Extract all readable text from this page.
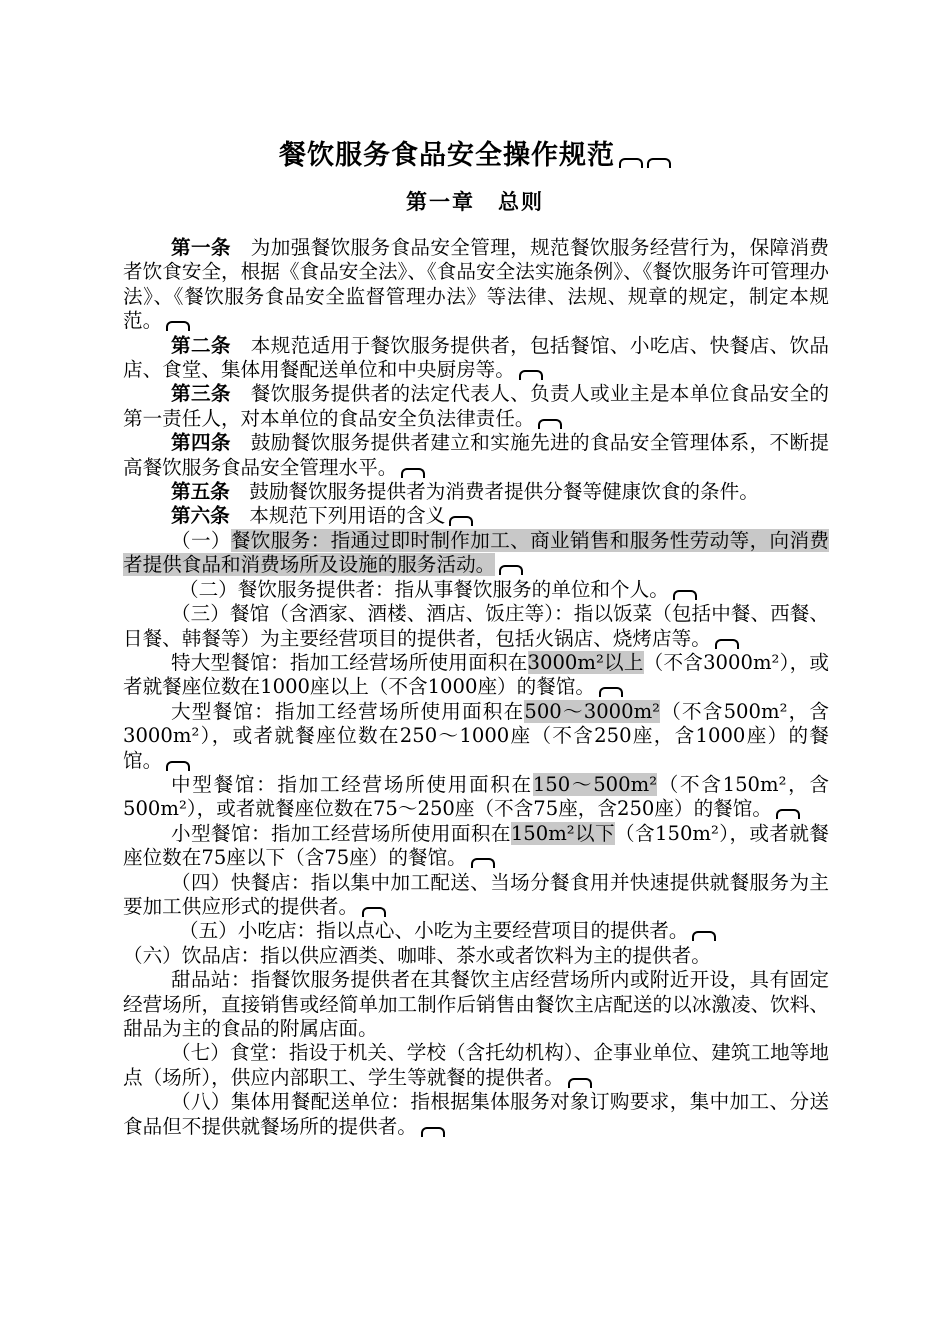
餐饮服务食品安全操作规范
第一章　总则

第一条　为加强餐饮服务食品安全管理，规范餐饮服务经营行为，保障消费者饮食安全，根据《食品安全法》、《食品安全法实施条例》、《餐饮服务许可管理办法》、《餐饮服务食品安全监督管理办法》等法律、法规、规章的规定，制定本规范。

第二条　本规范适用于餐饮服务提供者，包括餐馆、小吃店、快餐店、饮品店、食堂、集体用餐配送单位和中央厨房等。

第三条　餐饮服务提供者的法定代表人、负责人或业主是本单位食品安全的第一责任人，对本单位的食品安全负法律责任。

第四条　鼓励餐饮服务提供者建立和实施先进的食品安全管理体系，不断提高餐饮服务食品安全管理水平。

第五条　鼓励餐饮服务提供者为消费者提供分餐等健康饮食的条件。

第六条　本规范下列用语的含义

（一）餐饮服务：指通过即时制作加工、商业销售和服务性劳动等，向消费者提供食品和消费场所及设施的服务活动。

（二）餐饮服务提供者：指从事餐饮服务的单位和个人。

（三）餐馆（含酒家、酒楼、酒店、饭庄等）：指以饭菜（包括中餐、西餐、日餐、韩餐等）为主要经营项目的提供者，包括火锅店、烧烤店等。

特大型餐馆：指加工经营场所使用面积在3000m²以上（不含3000m²），或者就餐座位数在1000座以上（不含1000座）的餐馆。

大型餐馆：指加工经营场所使用面积在500～3000m²（不含500m²，含3000m²），或者就餐座位数在250～1000座（不含250座，含1000座）的餐馆。

中型餐馆：指加工经营场所使用面积在150～500m²（不含150m²，含500m²），或者就餐座位数在75～250座（不含75座，含250座）的餐馆。

小型餐馆：指加工经营场所使用面积在150m²以下（含150m²），或者就餐座位数在75座以下（含75座）的餐馆。

（四）快餐店：指以集中加工配送、当场分餐食用并快速提供就餐服务为主要加工供应形式的提供者。

（五）小吃店：指以点心、小吃为主要经营项目的提供者。

（六）饮品店：指以供应酒类、咖啡、茶水或者饮料为主的提供者。

甜品站：指餐饮服务提供者在其餐饮主店经营场所内或附近开设，具有固定经营场所，直接销售或经简单加工制作后销售由餐饮主店配送的以冰激凌、饮料、甜品为主的食品的附属店面。

（七）食堂：指设于机关、学校（含托幼机构）、企事业单位、建筑工地等地点（场所），供应内部职工、学生等就餐的提供者。

（八）集体用餐配送单位：指根据集体服务对象订购要求，集中加工、分送食品但不提供就餐场所的提供者。
